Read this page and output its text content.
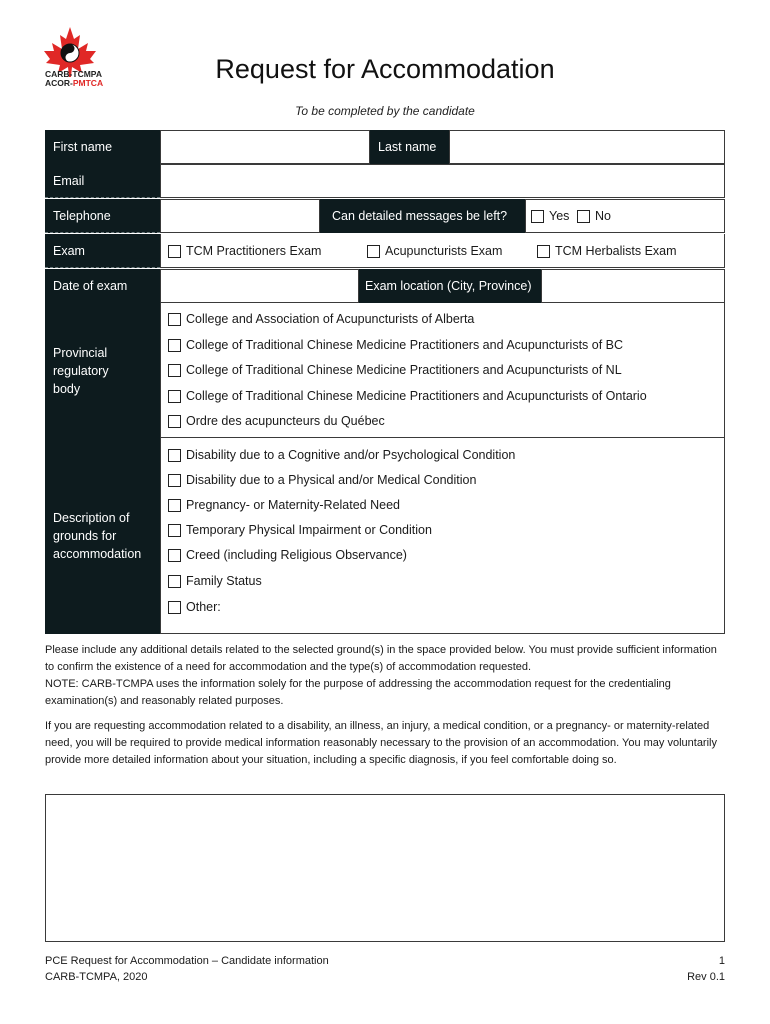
CARB-TCMPA
ACOR-PMTCA	Request for Accommodation
To be completed by the candidate
First name	Last name
Email
Telephone	Can detailed messages be left?	Yes No
Exam	TCM Practitioners Exam	Acupuncturists Exam	TCM Herbalists Exam
Date of exam	Exam location (City, Province)
Provincial regulatory body
College and Association of Acupuncturists of Alberta
College of Traditional Chinese Medicine Practitioners and Acupuncturists of BC
College of Traditional Chinese Medicine Practitioners and Acupuncturists of NL
College of Traditional Chinese Medicine Practitioners and Acupuncturists of Ontario
Ordre des acupuncteurs du Québec
Description of grounds for accommodation
Disability due to a Cognitive and/or Psychological Condition
Disability due to a Physical and/or Medical Condition
Pregnancy- or Maternity-Related Need
Temporary Physical Impairment or Condition
Creed (including Religious Observance)
Family Status
Other:
Please include any additional details related to the selected ground(s) in the space provided below. You must provide sufficient information to confirm the existence of a need for accommodation and the type(s) of accommodation requested.
NOTE: CARB-TCMPA uses the information solely for the purpose of addressing the accommodation request for the credentialing examination(s) and reasonably related purposes.
If you are requesting accommodation related to a disability, an illness, an injury, a medical condition, or a pregnancy- or maternity-related need, you will be required to provide medical information reasonably necessary to the provision of an accommodation. You may voluntarily provide more detailed information about your situation, including a specific diagnosis, if you feel comfortable doing so.
PCE Request for Accommodation – Candidate information
CARB-TCMPA, 2020
1
Rev 0.1
